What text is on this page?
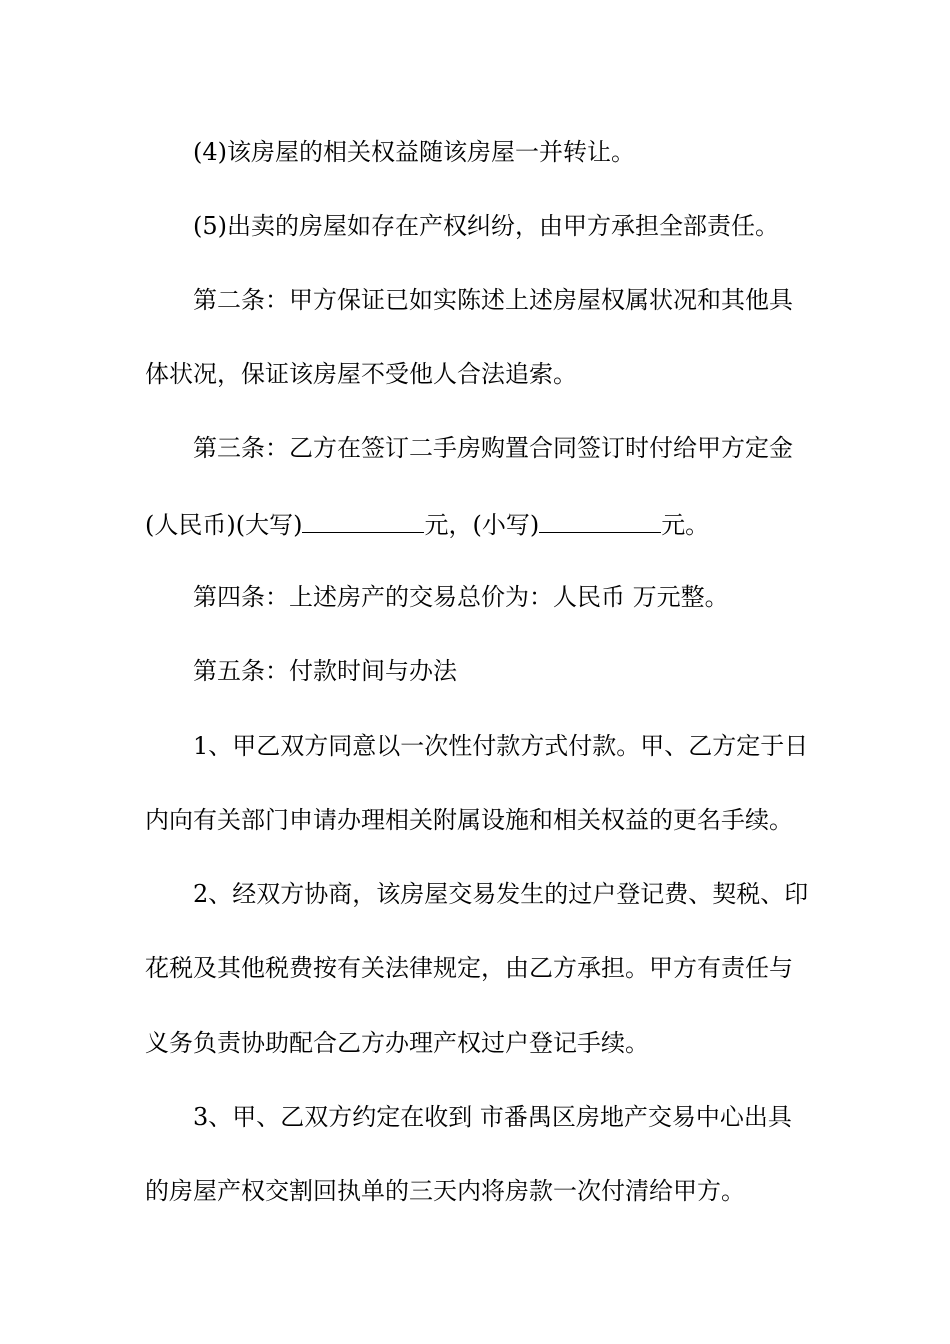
(4)该房屋的相关权益随该房屋一并转让。
(5)出卖的房屋如存在产权纠纷，由甲方承担全部责任。
第二条：甲方保证已如实陈述上述房屋权属状况和其他具
体状况，保证该房屋不受他人合法追索。
第三条：乙方在签订二手房购置合同签订时付给甲方定金
(人民币)(大写)	元，(小写)	元。
第四条：上述房产的交易总价为：人民币 万元整。
第五条：付款时间与办法
1、甲乙双方同意以一次性付款方式付款。甲、乙方定于日
内向有关部门申请办理相关附属设施和相关权益的更名手续。
2、经双方协商，该房屋交易发生的过户登记费、契税、印
花税及其他税费按有关法律规定，由乙方承担。甲方有责任与
义务负责协助配合乙方办理产权过户登记手续。
3、甲、乙双方约定在收到 市番禺区房地产交易中心出具
的房屋产权交割回执单的三天内将房款一次付清给甲方。
